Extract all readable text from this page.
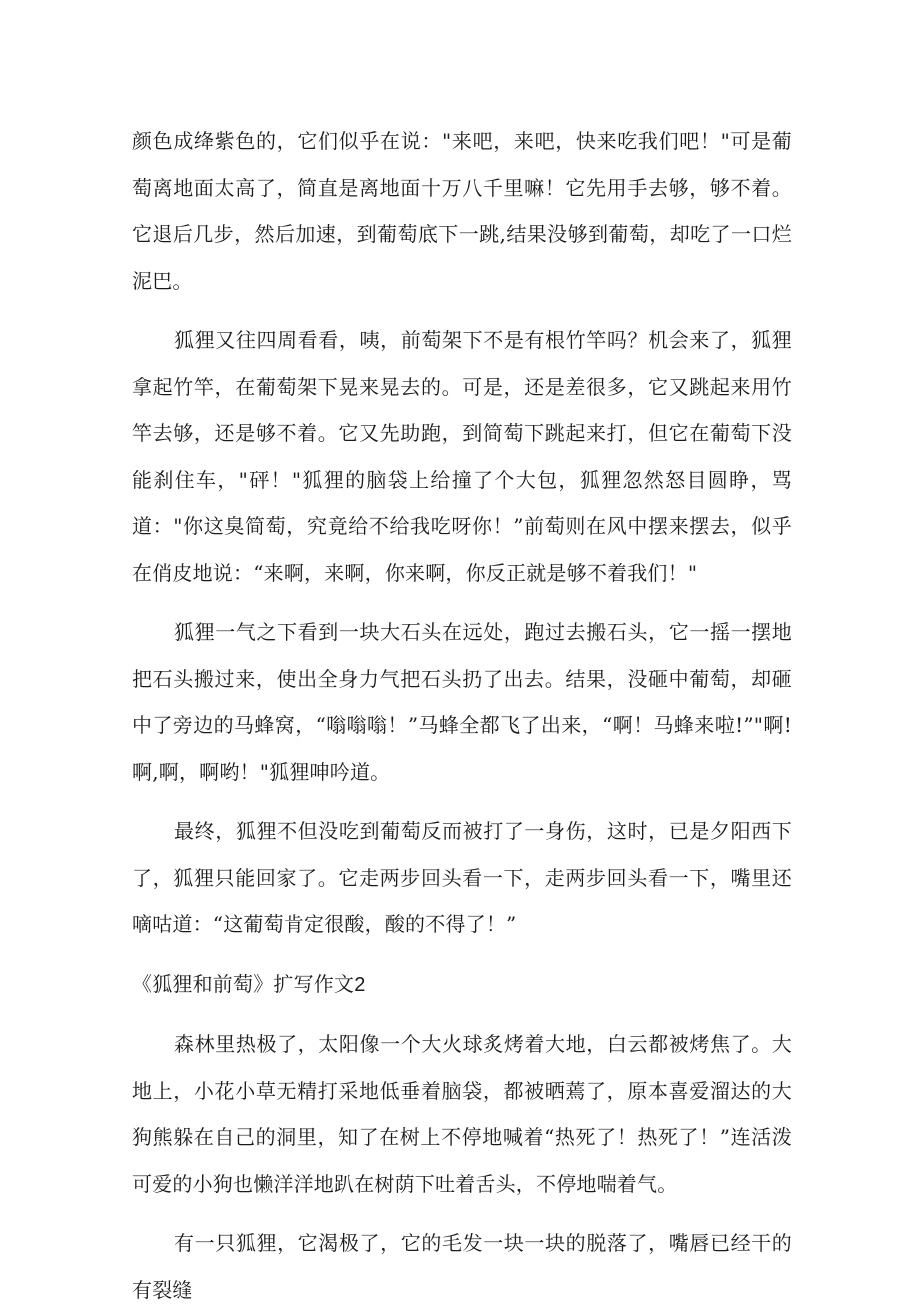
颜色成绛紫色的，它们似乎在说："来吧，来吧，快来吃我们吧！"可是葡萄离地面太高了，简直是离地面十万八千里嘛！它先用手去够，够不着。它退后几步，然后加速，到葡萄底下一跳,结果没够到葡萄，却吃了一口烂泥巴。

狐狸又往四周看看，咦，前萄架下不是有根竹竿吗？机会来了，狐狸拿起竹竿，在葡萄架下晃来晃去的。可是，还是差很多，它又跳起来用竹竿去够，还是够不着。它又先助跑，到简萄下跳起来打，但它在葡萄下没能刹住车，"砰！"狐狸的脑袋上给撞了个大包，狐狸忽然怒目圆睁，骂道："你这臭简萄，究竟给不给我吃呀你！”前萄则在风中摆来摆去，似乎在俏皮地说：“来啊，来啊，你来啊，你反正就是够不着我们！"

狐狸一气之下看到一块大石头在远处，跑过去搬石头，它一摇一摆地把石头搬过来，使出全身力气把石头扔了出去。结果，没砸中葡萄，却砸中了旁边的马蜂窝，“嗡嗡嗡！”马蜂全都飞了出来，“啊！马蜂来啦!”"啊!啊,啊，啊哟！"狐狸呻吟道。

最终，狐狸不但没吃到葡萄反而被打了一身伤，这时，已是夕阳西下了，狐狸只能回家了。它走两步回头看一下，走两步回头看一下，嘴里还嘀咕道：“这葡萄肯定很酸，酸的不得了！”

《狐狸和前萄》扩写作文2

森林里热极了，太阳像一个大火球炙烤着大地，白云都被烤焦了。大地上，小花小草无精打采地低垂着脑袋，都被晒蔫了，原本喜爱溜达的大狗熊躲在自己的洞里，知了在树上不停地喊着“热死了！热死了！”连活泼可爱的小狗也懒洋洋地趴在树荫下吐着舌头，不停地喘着气。

有一只狐狸，它渴极了，它的毛发一块一块的脱落了，嘴唇已经干的有裂缝
